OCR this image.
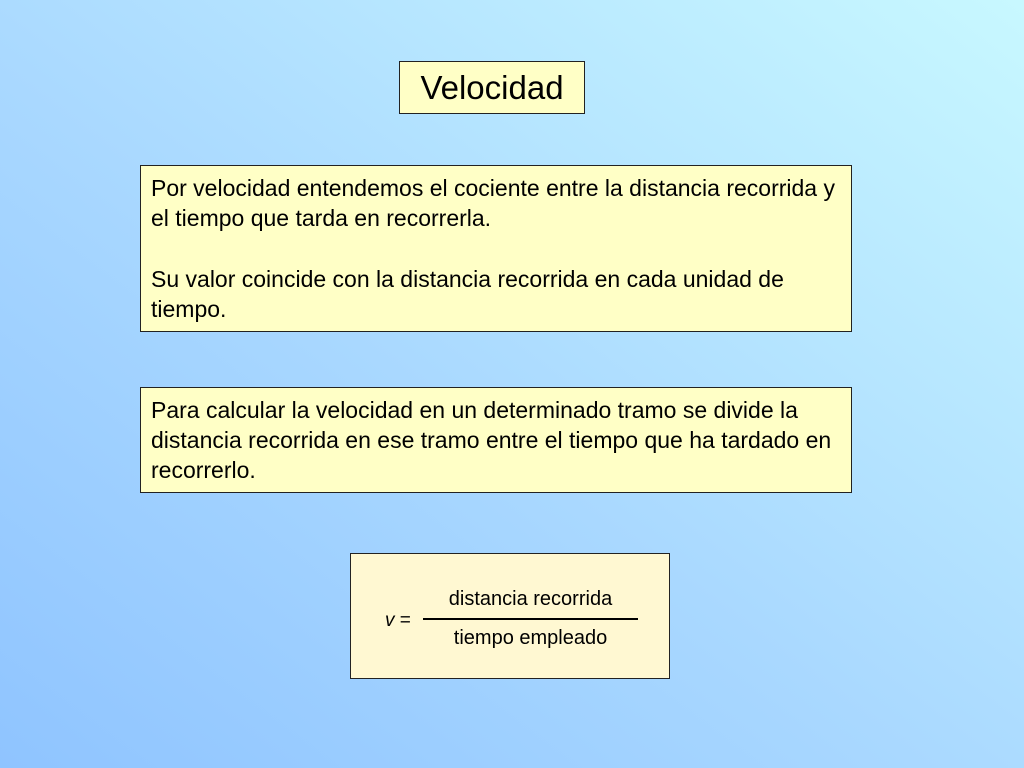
Velocidad

Por velocidad entendemos el cociente entre la distancia recorrida y el tiempo que tarda en recorrerla.

Su valor coincide con la distancia recorrida en cada unidad de tiempo.

Para calcular la velocidad en un determinado tramo se divide la distancia recorrida en ese tramo entre el tiempo que ha tardado en recorrerlo.

v =
distancia recorrida
tiempo empleado
